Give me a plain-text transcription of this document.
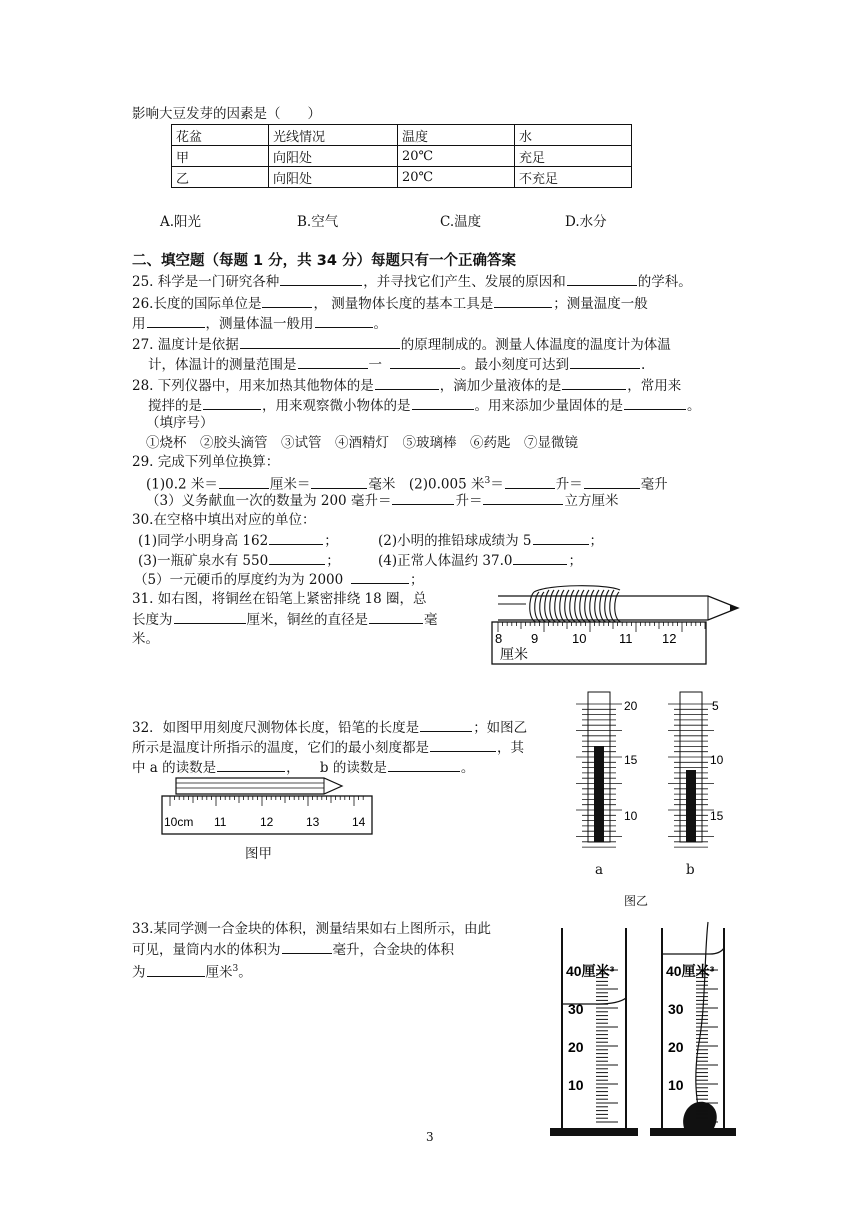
影响大豆发芽的因素是（　　）
花盆	光线情况	温度	水
甲	向阳处	20℃	充足
乙	向阳处	20℃	不充足
A.阳光	B.空气	C.温度	D.水分
二、填空题（每题 1 分，共 34 分）每题只有一个正确答案
25. 科学是一门研究各种	，并寻找它们产生、发展的原因和	的学科。
26.长度的国际单位是	， 测量物体长度的基本工具是	；测量温度一般
用	，测量体温一般用	。
27. 温度计是依据	的原理制成的。测量人体温度的温度计为体温
计，体温计的测量范围是	一	。最小刻度可达到	.
28. 下列仪器中，用来加热其他物体的是	，滴加少量液体的是	，常用来
搅拌的是	，用来观察微小物体的是	。用来添加少量固体的是	。
（填序号）
①烧杯  ②胶头滴管  ③试管  ④酒精灯  ⑤玻璃棒  ⑥药匙  ⑦显微镜
29. 完成下列单位换算：
(1)0.2 米＝	厘米＝	毫米  (2)0.005 米$^3$＝	升＝	毫升
（3）义务献血一次的数量为 200 毫升＝	升＝	立方厘米
30.在空格中填出对应的单位：
(1)同学小明身高 162	；	(2)小明的推铅球成绩为 5	；
(3)一瓶矿泉水有 550	；	(4)正常人体温约 37.0	；
（5）一元硬币的厚度约为为 2000 	；
31. 如右图，将铜丝在铅笔上紧密排绕 18 圈，总
长度为	厘米，铜丝的直径是	毫
米。	8 9	10	11 12
厘米
32．如图甲用刻度尺测物体长度，铅笔的长度是	；如图乙
所示是温度计所指示的温度，它们的最小刻度都是	，其
中 a 的读数是	，   b 的读数是	。
10cm 11	12	13	14
图甲
20
15
10
5
10
15
a	b
图乙
33.某同学测一合金块的体积，测量结果如右上图所示，由此
可见，量筒内水的体积为	毫升，合金块的体积
为	厘米$^3$。	40厘米³
30
20
10
40厘米³
30
20
10
3
